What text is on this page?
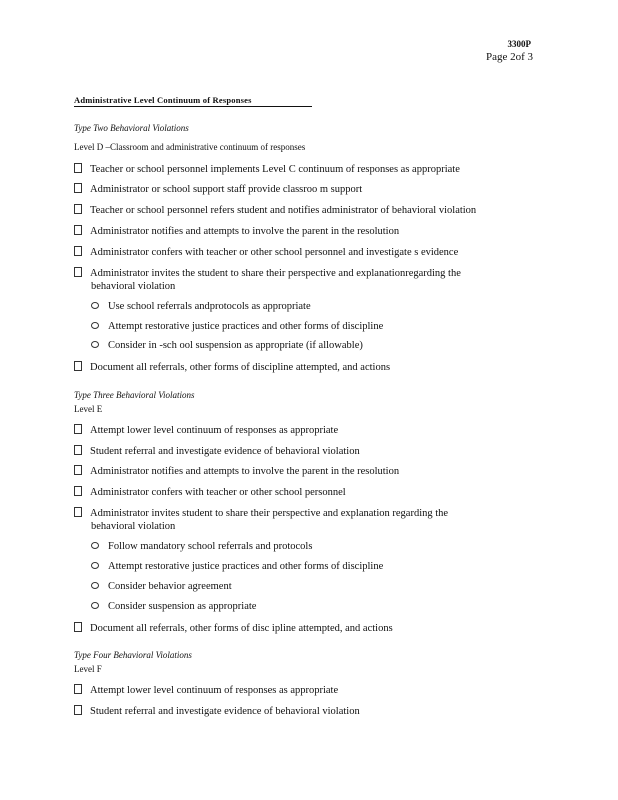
3300P
Page 2of 3
Administrative Level Continuum of Responses
Type Two Behavioral Violations
Level D –Classroom and administrative continuum of responses
Teacher or school personnel implements Level C continuum of responses as appropriate
Administrator or school support staff provide classroo m support
Teacher or school personnel refers student and notifies administrator of behavioral violation
Administrator notifies and attempts to involve the parent in the resolution
Administrator confers with teacher or other school personnel and investigate s evidence
Administrator invites the student to share their perspective and explanationregarding the
behavioral violation
Use school referrals andprotocols as appropriate
Attempt restorative justice practices and other forms of discipline
Consider in -sch ool suspension as appropriate (if allowable)
Document all referrals, other forms of discipline attempted, and actions
Type Three Behavioral Violations
Level E
Attempt lower level continuum of responses as appropriate
Student referral and investigate evidence of behavioral violation
Administrator notifies and attempts to involve the parent in the resolution
Administrator confers with teacher or other school personnel
Administrator invites student to share their perspective and explanation regarding the
behavioral violation
Follow mandatory school referrals and protocols
Attempt restorative justice practices and other forms of discipline
Consider behavior agreement
Consider suspension as appropriate
Document all referrals, other forms of disc ipline attempted, and actions
Type Four Behavioral Violations
Level F
Attempt lower level continuum of responses as appropriate
Student referral and investigate evidence of behavioral violation
